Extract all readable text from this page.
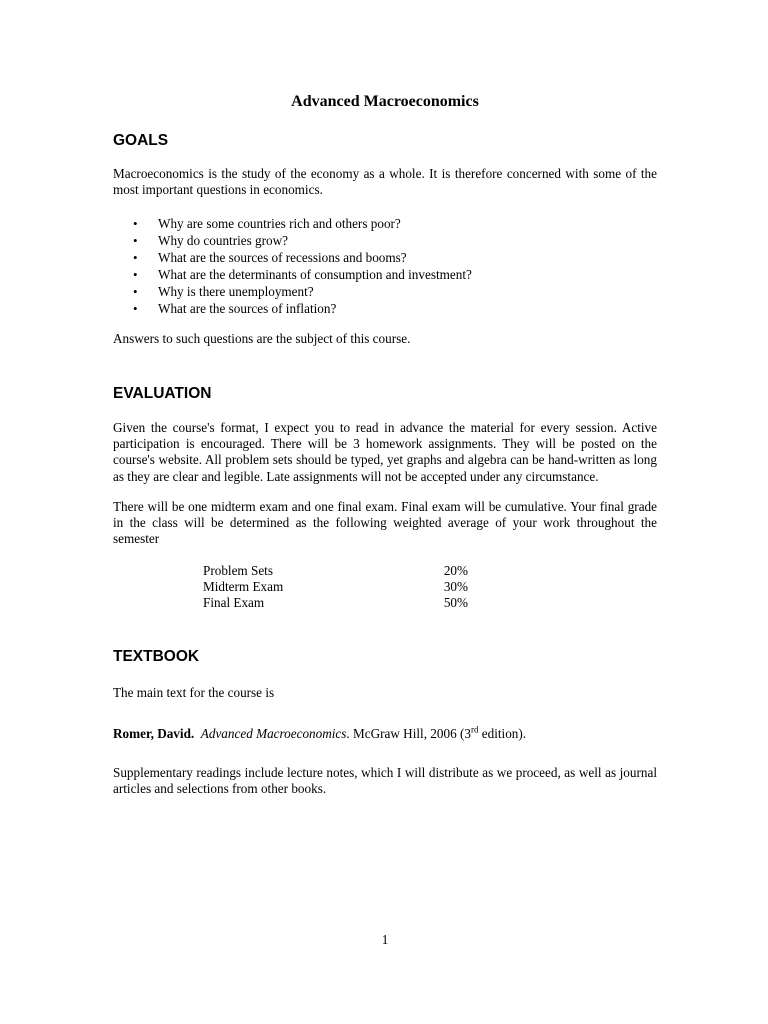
Advanced Macroeconomics
GOALS

Macroeconomics is the study of the economy as a whole. It is therefore concerned with some of the most important questions in economics.

• Why are some countries rich and others poor?
• Why do countries grow?
• What are the sources of recessions and booms?
• What are the determinants of consumption and investment?
• Why is there unemployment?
• What are the sources of inflation?

Answers to such questions are the subject of this course.

EVALUATION

Given the course's format, I expect you to read in advance the material for every session. Active participation is encouraged. There will be 3 homework assignments. They will be posted on the course's website. All problem sets should be typed, yet graphs and algebra can be hand-written as long as they are clear and legible. Late assignments will not be accepted under any circumstance.

There will be one midterm exam and one final exam. Final exam will be cumulative. Your final grade in the class will be determined as the following weighted average of your work throughout the semester

Problem Sets	20%
Midterm Exam	30%
Final Exam	50%
TEXTBOOK

The main text for the course is

Romer, David. Advanced Macroeconomics. McGraw Hill, 2006 (3rd edition).

Supplementary readings include lecture notes, which I will distribute as we proceed, as well as journal articles and selections from other books.

1
